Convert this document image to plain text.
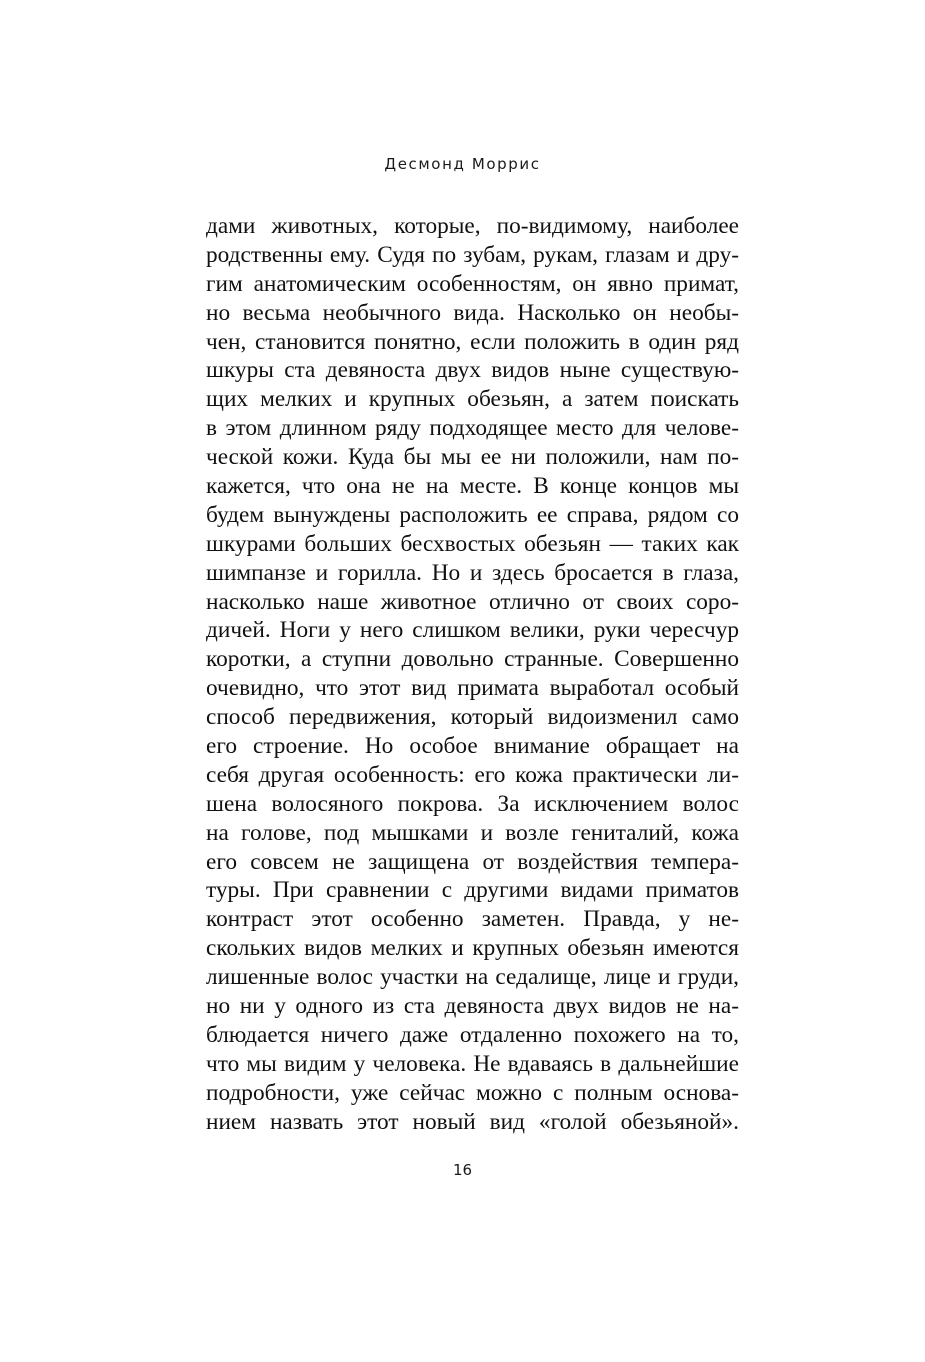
Десмонд Моррис
дами животных, которые, по-видимому, наиболее
родственны ему. Судя по зубам, рукам, глазам и дру-
гим анатомическим особенностям, он явно примат,
но весьма необычного вида. Насколько он необы-
чен, становится понятно, если положить в один ряд
шкуры ста девяноста двух видов ныне существую-
щих мелких и крупных обезьян, а затем поискать
в этом длинном ряду подходящее место для челове-
ческой кожи. Куда бы мы ее ни положили, нам по-
кажется, что она не на месте. В конце концов мы
будем вынуждены расположить ее справа, рядом со
шкурами больших бесхвостых обезьян — таких как
шимпанзе и горилла. Но и здесь бросается в глаза,
насколько наше животное отлично от своих соро-
дичей. Ноги у него слишком велики, руки чересчур
коротки, а ступни довольно странные. Совершенно
очевидно, что этот вид примата выработал особый
способ передвижения, который видоизменил само
его строение. Но особое внимание обращает на
себя другая особенность: его кожа практически ли-
шена волосяного покрова. За исключением волос
на голове, под мышками и возле гениталий, кожа
его совсем не защищена от воздействия темпера-
туры. При сравнении с другими видами приматов
контраст этот особенно заметен. Правда, у не-
скольких видов мелких и крупных обезьян имеются
лишенные волос участки на седалище, лице и груди,
но ни у одного из ста девяноста двух видов не на-
блюдается ничего даже отдаленно похожего на то,
что мы видим у человека. Не вдаваясь в дальнейшие
подробности, уже сейчас можно с полным основа-
нием назвать этот новый вид «голой обезьяной».
16
